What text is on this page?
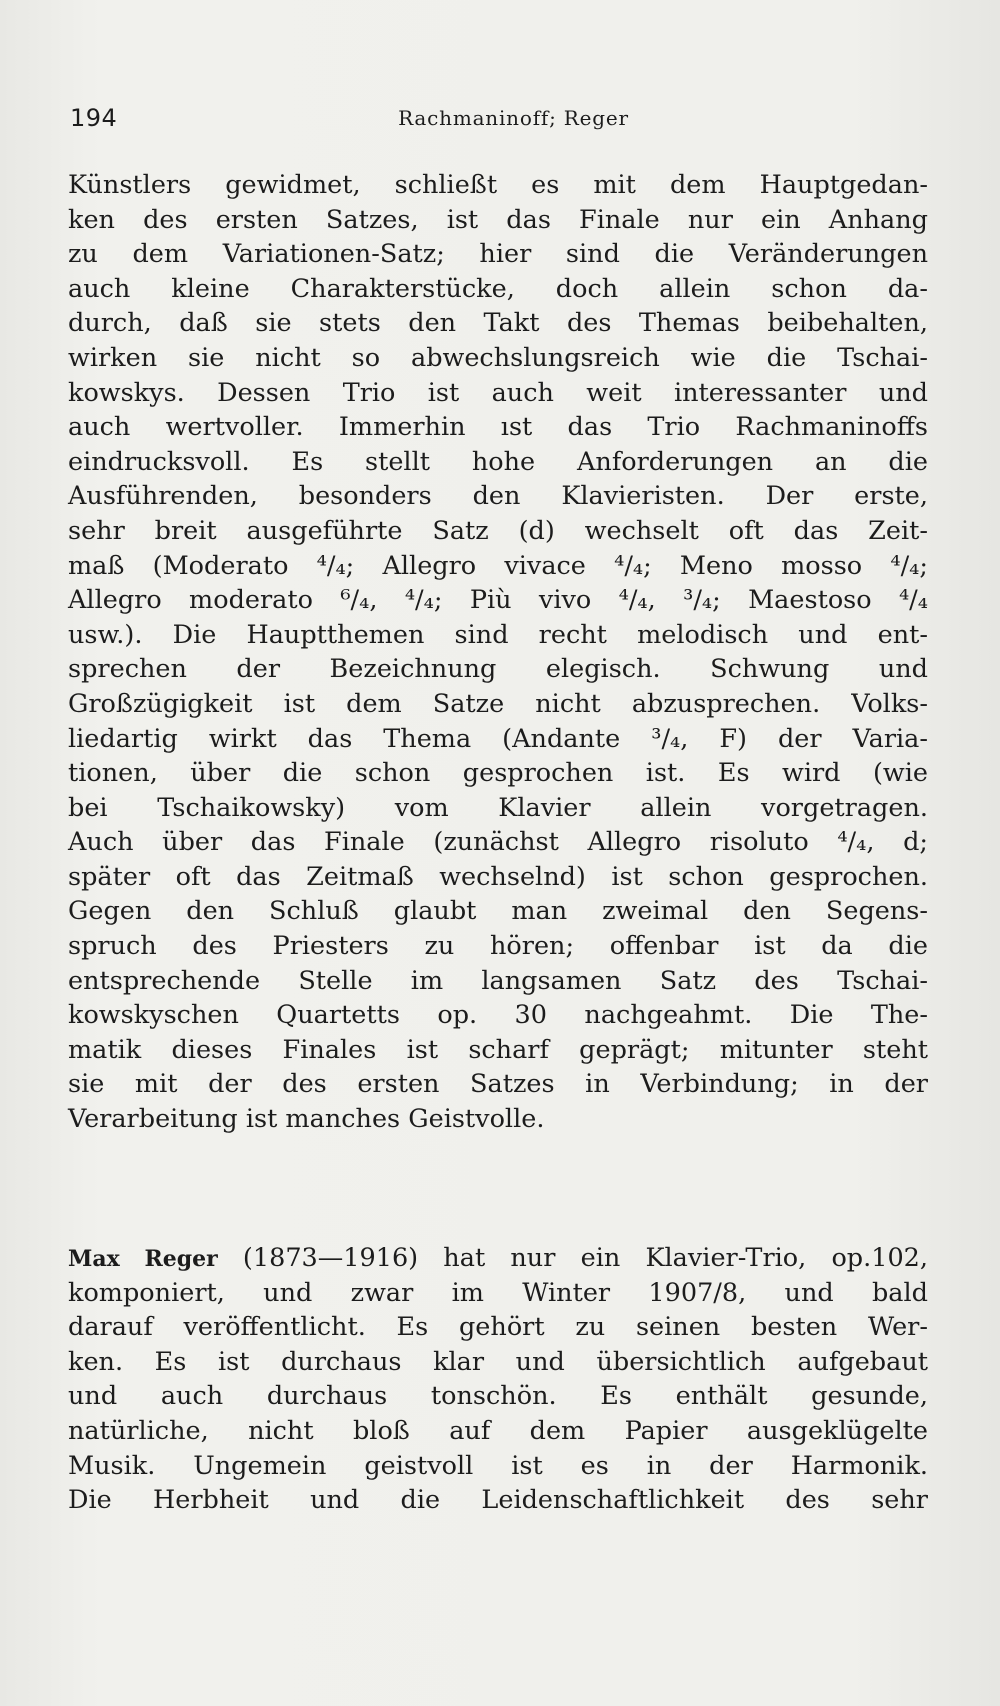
194	Rachmaninoff; Reger
Künstlers gewidmet, schließt es mit dem Hauptgedan-
ken des ersten Satzes, ist das Finale nur ein Anhang
zu dem Variationen-Satz; hier sind die Veränderungen
auch kleine Charakterstücke, doch allein schon da-
durch, daß sie stets den Takt des Themas beibehalten,
wirken sie nicht so abwechslungsreich wie die Tschai-
kowskys. Dessen Trio ist auch weit interessanter und
auch wertvoller. Immerhin ıst das Trio Rachmaninoffs
eindrucksvoll. Es stellt hohe Anforderungen an die
Ausführenden, besonders den Klavieristen. Der erste,
sehr breit ausgeführte Satz (d) wechselt oft das Zeit-
maß (Moderato ⁴/₄; Allegro vivace ⁴/₄; Meno mosso ⁴/₄;
Allegro moderato ⁶/₄, ⁴/₄; Più vivo ⁴/₄, ³/₄; Maestoso ⁴/₄
usw.). Die Hauptthemen sind recht melodisch und ent-
sprechen der Bezeichnung elegisch. Schwung und
Großzügigkeit ist dem Satze nicht abzusprechen. Volks-
liedartig wirkt das Thema (Andante ³/₄, F) der Varia-
tionen, über die schon gesprochen ist. Es wird (wie
bei Tschaikowsky) vom Klavier allein vorgetragen.
Auch über das Finale (zunächst Allegro risoluto ⁴/₄, d;
später oft das Zeitmaß wechselnd) ist schon gesprochen.
Gegen den Schluß glaubt man zweimal den Segens-
spruch des Priesters zu hören; offenbar ist da die
entsprechende Stelle im langsamen Satz des Tschai-
kowskyschen Quartetts op. 30 nachgeahmt. Die The-
matik dieses Finales ist scharf geprägt; mitunter steht
sie mit der des ersten Satzes in Verbindung; in der
Verarbeitung ist manches Geistvolle.
Max Reger (1873—1916) hat nur ein Klavier-Trio, op.102,
komponiert, und zwar im Winter 1907/8, und bald
darauf veröffentlicht. Es gehört zu seinen besten Wer-
ken. Es ist durchaus klar und übersichtlich aufgebaut
und auch durchaus tonschön. Es enthält gesunde,
natürliche, nicht bloß auf dem Papier ausgeklügelte
Musik. Ungemein geistvoll ist es in der Harmonik.
Die Herbheit und die Leidenschaftlichkeit des sehr
